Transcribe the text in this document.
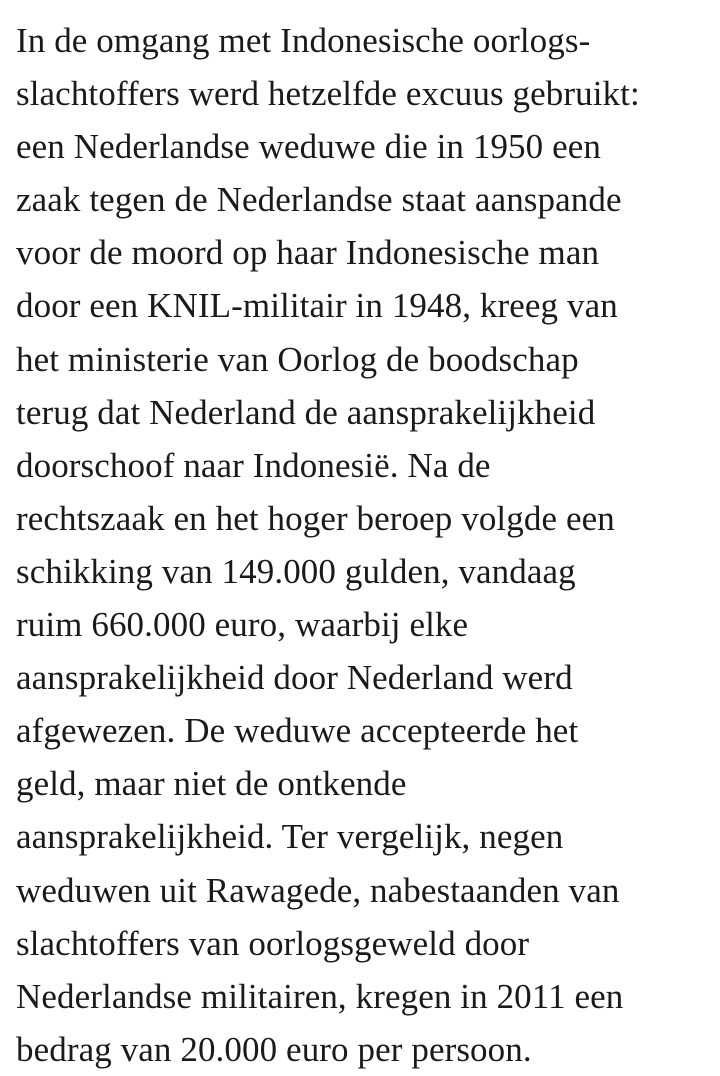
In de omgang met Indonesische oorlogs-
slachtoffers werd hetzelfde excuus gebruikt:
een Nederlandse weduwe die in 1950 een
zaak tegen de Nederlandse staat aanspande
voor de moord op haar Indonesische man
door een KNIL-militair in 1948, kreeg van
het ministerie van Oorlog de boodschap
terug dat Nederland de aansprakelijkheid
doorschoof naar Indonesië. Na de
rechtszaak en het hoger beroep volgde een
schikking van 149.000 gulden, vandaag
ruim 660.000 euro, waarbij elke
aansprakelijkheid door Nederland werd
afgewezen. De weduwe accepteerde het
geld, maar niet de ontkende
aansprakelijkheid. Ter vergelijk, negen
weduwen uit Rawagede, nabestaanden van
slachtoffers van oorlogsgeweld door
Nederlandse militairen, kregen in 2011 een
bedrag van 20.000 euro per persoon.
